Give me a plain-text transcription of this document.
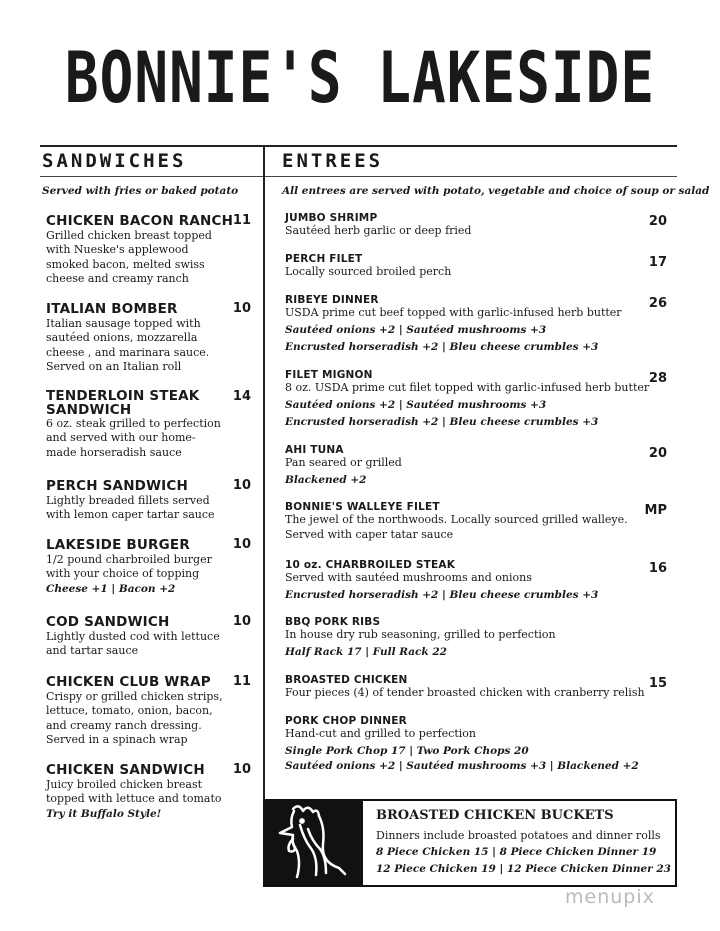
BONNIE'S LAKESIDE
SANDWICHES	ENTREES
Served with fries or baked potato	All entrees are served with potato, vegetable and choice of soup or salad
CHICKEN BACON RANCH 11
Grilled chicken breast topped
with Nueske's applewood
smoked bacon, melted swiss
cheese and creamy ranch
ITALIAN BOMBER	10
Italian sausage topped with
sautéed onions, mozzarella
cheese , and marinara sauce.
Served on an Italian roll
TENDERLOIN STEAK SANDWICH
14
6 oz. steak grilled to perfection
and served with our home-
made horseradish sauce
PERCH SANDWICH	10
Lightly breaded fillets served
with lemon caper tartar sauce
LAKESIDE BURGER	10
1/2 pound charbroiled burger
with your choice of topping
Cheese +1 | Bacon +2
COD SANDWICH	10
Lightly dusted cod with lettuce
and tartar sauce
CHICKEN CLUB WRAP	11
Crispy or grilled chicken strips,
lettuce, tomato, onion, bacon,
and creamy ranch dressing.
Served in a spinach wrap
CHICKEN SANDWICH	10
Juicy broiled chicken breast
topped with lettuce and tomato
Try it Buffalo Style!
JUMBO SHRIMP	20
Sautéed herb garlic or deep fried
PERCH FILET	17
Locally sourced broiled perch
RIBEYE DINNER	26
USDA prime cut beef topped with garlic-infused herb butter
Sautéed onions +2 | Sautéed mushrooms +3
Encrusted horseradish +2 | Bleu cheese crumbles +3
FILET MIGNON	28
8 oz. USDA prime cut filet topped with garlic-infused herb butter
Sautéed onions +2 | Sautéed mushrooms +3
Encrusted horseradish +2 | Bleu cheese crumbles +3
AHI TUNA	20
Pan seared or grilled
Blackened +2
BONNIE'S WALLEYE FILET	MP
The jewel of the northwoods. Locally sourced grilled walleye.
Served with caper tatar sauce
10 oz. CHARBROILED STEAK	16
Served with sautéed mushrooms and onions
Encrusted horseradish +2 | Bleu cheese crumbles +3
BBQ PORK RIBS
In house dry rub seasoning, grilled to perfection
Half Rack 17 | Full Rack 22
BROASTED CHICKEN	15
Four pieces (4) of tender broasted chicken with cranberry relish
PORK CHOP DINNER
Hand-cut and grilled to perfection
Single Pork Chop 17 | Two Pork Chops 20
Sautéed onions +2 | Sautéed mushrooms +3 | Blackened +2
BROASTED CHICKEN BUCKETS
Dinners include broasted potatoes and dinner rolls
8 Piece Chicken 15 | 8 Piece Chicken Dinner 19
12 Piece Chicken 19 | 12 Piece Chicken Dinner 23
menupix
